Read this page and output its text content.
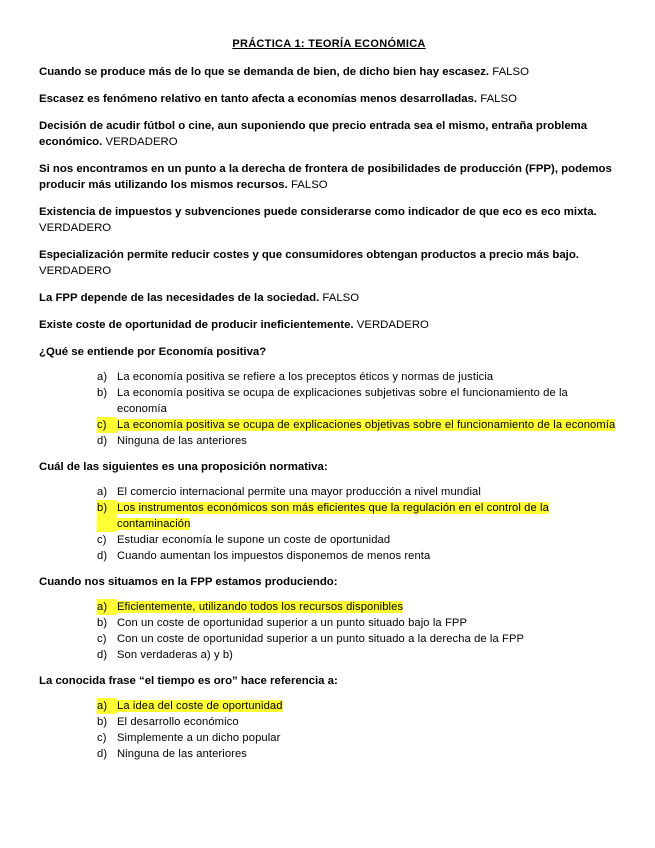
PRÁCTICA 1: TEORÍA ECONÓMICA

Cuando se produce más de lo que se demanda de bien, de dicho bien hay escasez. FALSO

Escasez es fenómeno relativo en tanto afecta a economías menos desarrolladas. FALSO

Decisión de acudir fútbol o cine, aun suponiendo que precio entrada sea el mismo, entraña problema económico. VERDADERO

Si nos encontramos en un punto a la derecha de frontera de posibilidades de producción (FPP), podemos producir más utilizando los mismos recursos. FALSO

Existencia de impuestos y subvenciones puede considerarse como indicador de que eco es eco mixta. VERDADERO

Especialización permite reducir costes y que consumidores obtengan productos a precio más bajo. VERDADERO

La FPP depende de las necesidades de la sociedad. FALSO

Existe coste de oportunidad de producir ineficientemente. VERDADERO

¿Qué se entiende por Economía positiva?

a) La economía positiva se refiere a los preceptos éticos y normas de justicia
b) La economía positiva se ocupa de explicaciones subjetivas sobre el funcionamiento de la economía
c) La economía positiva se ocupa de explicaciones objetivas sobre el funcionamiento de la economía
d) Ninguna de las anteriores

Cuál de las siguientes es una proposición normativa:

a) El comercio internacional permite una mayor producción a nivel mundial
b) Los instrumentos económicos son más eficientes que la regulación en el control de la contaminación
c) Estudiar economía le supone un coste de oportunidad
d) Cuando aumentan los impuestos disponemos de menos renta

Cuando nos situamos en la FPP estamos produciendo:

a) Eficientemente, utilizando todos los recursos disponibles
b) Con un coste de oportunidad superior a un punto situado bajo la FPP
c) Con un coste de oportunidad superior a un punto situado a la derecha de la FPP
d) Son verdaderas a) y b)

La conocida frase “el tiempo es oro” hace referencia a:

a) La idea del coste de oportunidad
b) El desarrollo económico
c) Simplemente a un dicho popular
d) Ninguna de las anteriores
